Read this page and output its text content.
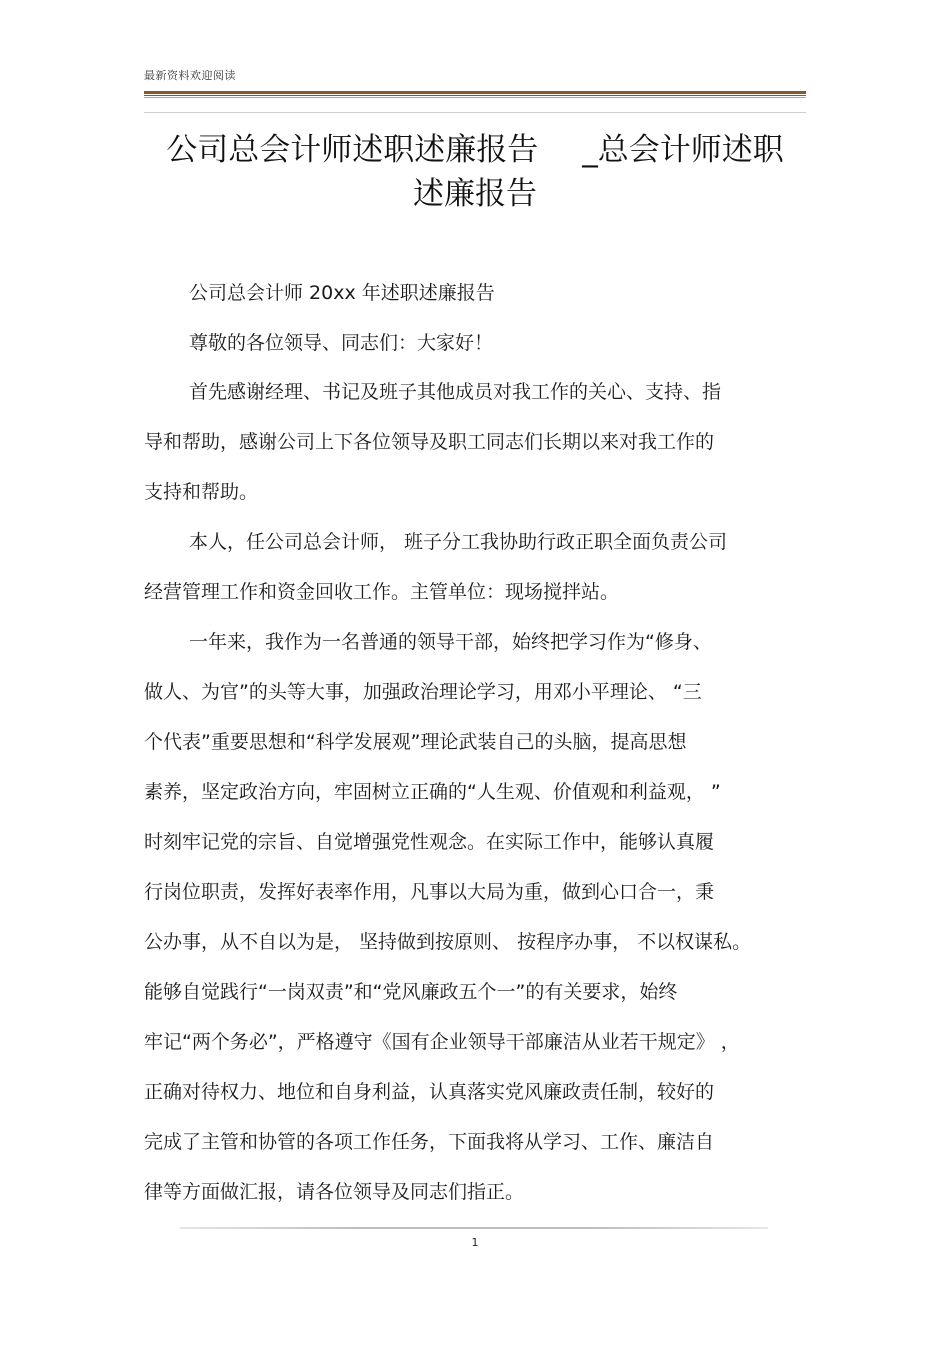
最新资料欢迎阅读
公司总会计师述职述廉报告 _总会计师述职
述廉报告
公司总会计师 20xx 年述职述廉报告
尊敬的各位领导、同志们：大家好！
首先感谢经理、书记及班子其他成员对我工作的关心、支持、指
导和帮助，感谢公司上下各位领导及职工同志们长期以来对我工作的
支持和帮助。
本人，任公司总会计师， 班子分工我协助行政正职全面负责公司
经营管理工作和资金回收工作。主管单位：现场搅拌站。
一年来，我作为一名普通的领导干部，始终把学习作为“修身、
做人、为官”的头等大事，加强政治理论学习，用邓小平理论、 “三
个代表”重要思想和“科学发展观”理论武装自己的头脑，提高思想
素养，坚定政治方向，牢固树立正确的“人生观、价值观和利益观， ”
时刻牢记党的宗旨、自觉增强党性观念。在实际工作中，能够认真履
行岗位职责，发挥好表率作用，凡事以大局为重，做到心口合一，秉
公办事，从不自以为是， 坚持做到按原则、 按程序办事， 不以权谋私。
能够自觉践行“一岗双责”和“党风廉政五个一”的有关要求，始终
牢记“两个务必”，严格遵守《国有企业领导干部廉洁从业若干规定》 ，
正确对待权力、地位和自身利益，认真落实党风廉政责任制，较好的
完成了主管和协管的各项工作任务，下面我将从学习、工作、廉洁自
律等方面做汇报，请各位领导及同志们指正。
1
